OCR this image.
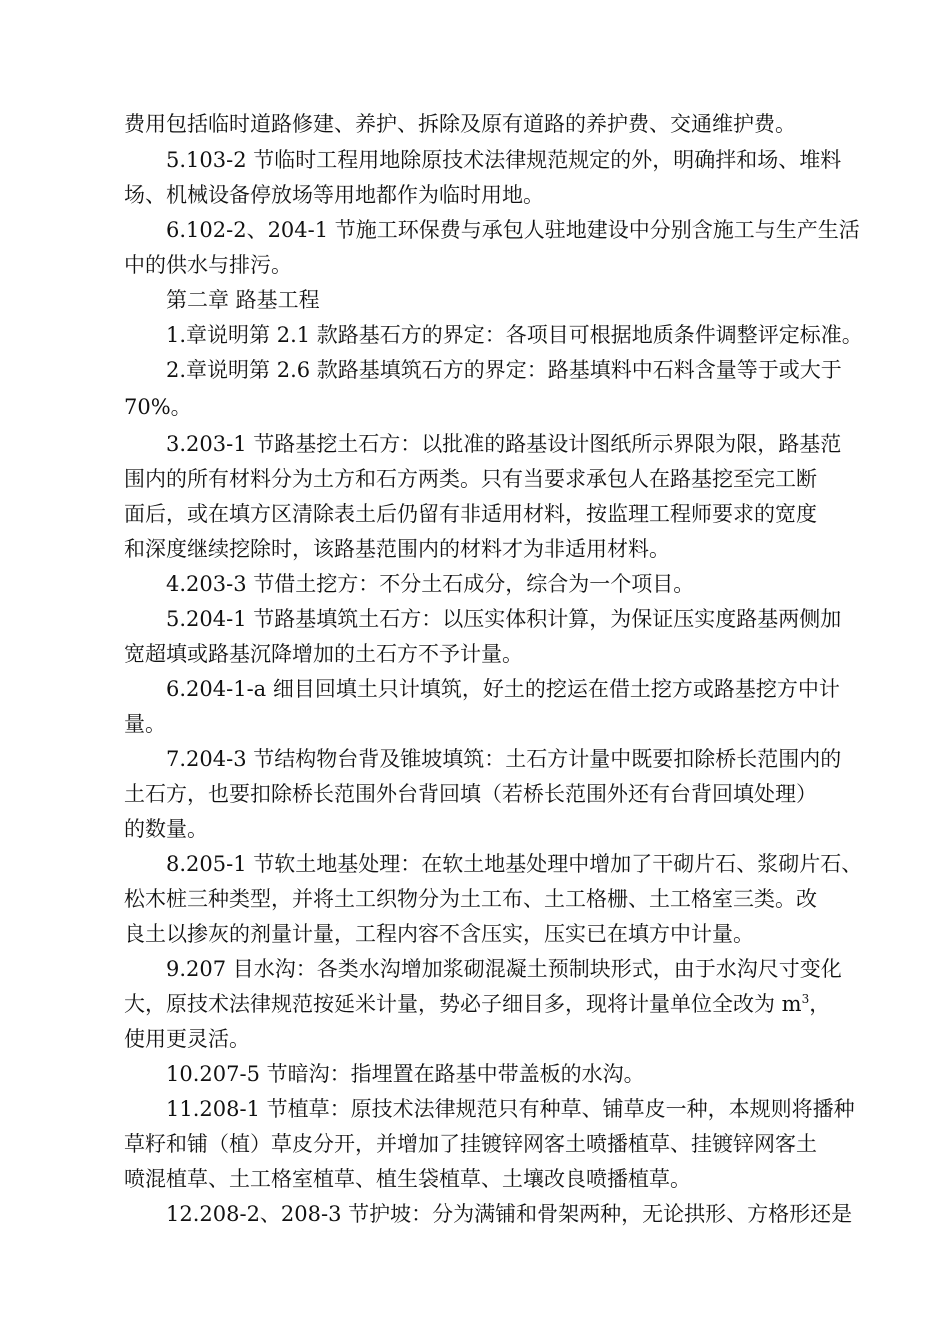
费用包括临时道路修建、养护、拆除及原有道路的养护费、交通维护费。
5.103-2 节临时工程用地除原技术法律规范规定的外，明确拌和场、堆料
场、机械设备停放场等用地都作为临时用地。
6.102-2、204-1 节施工环保费与承包人驻地建设中分别含施工与生产生活
中的供水与排污。
第二章 路基工程
1.章说明第 2.1 款路基石方的界定：各项目可根据地质条件调整评定标准。
2.章说明第 2.6 款路基填筑石方的界定：路基填料中石料含量等于或大于
70%。
3.203-1 节路基挖土石方：以批准的路基设计图纸所示界限为限，路基范
围内的所有材料分为土方和石方两类。只有当要求承包人在路基挖至完工断
面后，或在填方区清除表土后仍留有非适用材料，按监理工程师要求的宽度
和深度继续挖除时，该路基范围内的材料才为非适用材料。
4.203-3 节借土挖方：不分土石成分，综合为一个项目。
5.204-1 节路基填筑土石方：以压实体积计算，为保证压实度路基两侧加
宽超填或路基沉降增加的土石方不予计量。
6.204-1-a 细目回填土只计填筑，好土的挖运在借土挖方或路基挖方中计
量。
7.204-3 节结构物台背及锥坡填筑：土石方计量中既要扣除桥长范围内的
土石方，也要扣除桥长范围外台背回填（若桥长范围外还有台背回填处理）
的数量。
8.205-1 节软土地基处理：在软土地基处理中增加了干砌片石、浆砌片石、
松木桩三种类型，并将土工织物分为土工布、土工格栅、土工格室三类。改
良土以掺灰的剂量计量，工程内容不含压实，压实已在填方中计量。
9.207 目水沟：各类水沟增加浆砌混凝土预制块形式，由于水沟尺寸变化
大，原技术法律规范按延米计量，势必子细目多，现将计量单位全改为 $m^3$，
使用更灵活。
10.207-5 节暗沟：指埋置在路基中带盖板的水沟。
11.208-1 节植草：原技术法律规范只有种草、铺草皮一种，本规则将播种
草籽和铺（植）草皮分开，并增加了挂镀锌网客土喷播植草、挂镀锌网客土
喷混植草、土工格室植草、植生袋植草、土壤改良喷播植草。
12.208-2、208-3 节护坡：分为满铺和骨架两种，无论拱形、方格形还是
